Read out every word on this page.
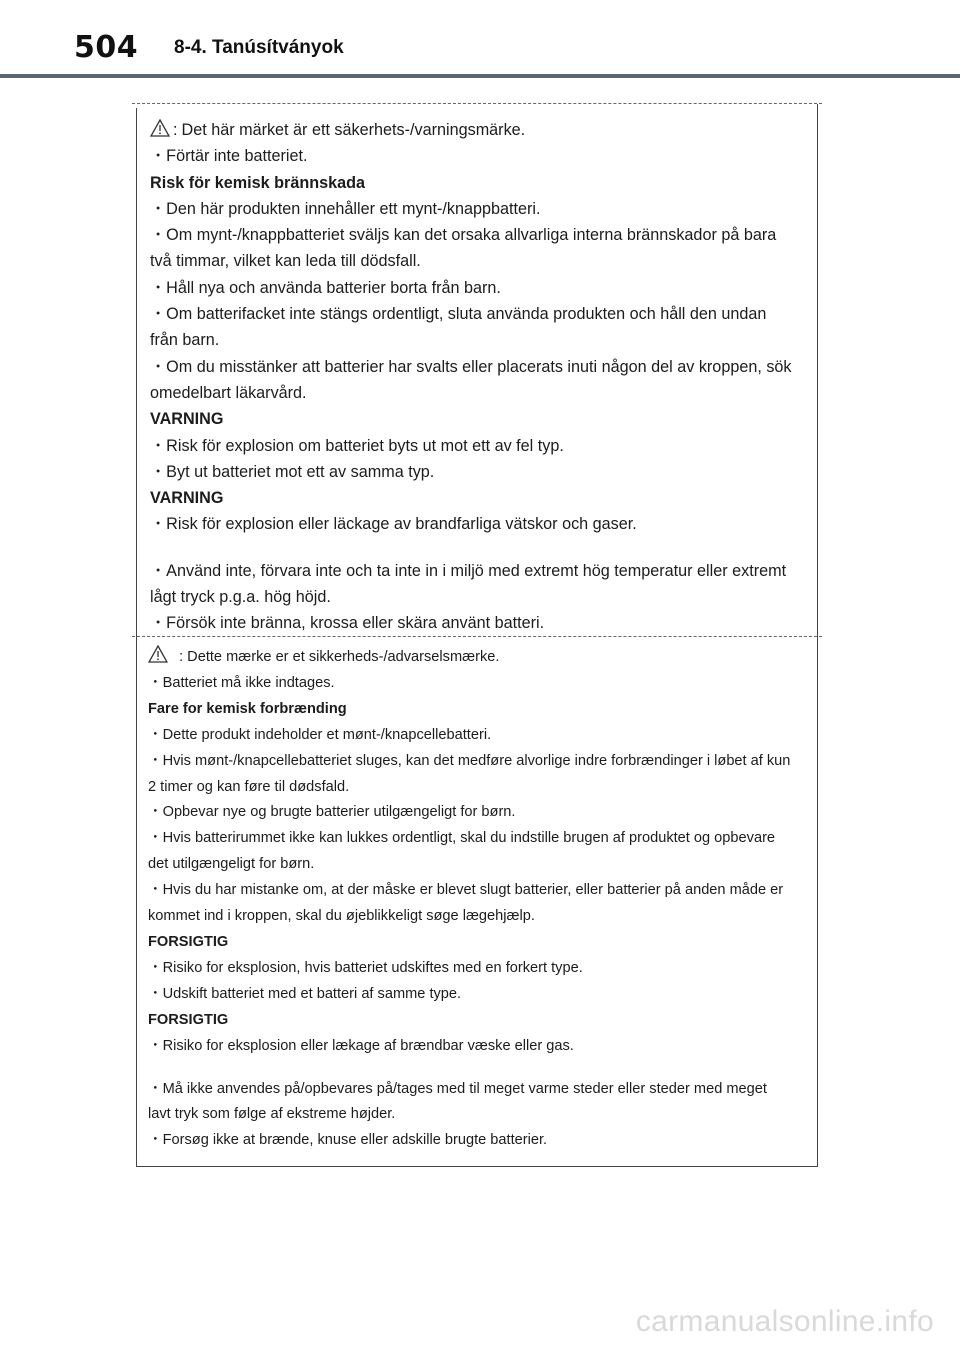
504 8-4. Tanúsítványok

: Det här märket är ett säkerhets-/varningsmärke.

・Förtär inte batteriet.

Risk för kemisk brännskada

・Den här produkten innehåller ett mynt-/knappbatteri.

・Om mynt-/knappbatteriet sväljs kan det orsaka allvarliga interna brännskador på bara två timmar, vilket kan leda till dödsfall.

・Håll nya och använda batterier borta från barn.

・Om batterifacket inte stängs ordentligt, sluta använda produkten och håll den undan från barn.

・Om du misstänker att batterier har svalts eller placerats inuti någon del av kroppen, sök omedelbart läkarvård.

VARNING

・Risk för explosion om batteriet byts ut mot ett av fel typ.

・Byt ut batteriet mot ett av samma typ.

VARNING

・Risk för explosion eller läckage av brandfarliga vätskor och gaser.

・Använd inte, förvara inte och ta inte in i miljö med extremt hög temperatur eller extremt lågt tryck p.g.a. hög höjd.

・Försök inte bränna, krossa eller skära använt batteri.

: Dette mærke er et sikkerheds-/advarselsmærke.

・Batteriet må ikke indtages.

Fare for kemisk forbrænding

・Dette produkt indeholder et mønt-/knapcellebatteri.

・Hvis mønt-/knapcellebatteriet sluges, kan det medføre alvorlige indre forbrændinger i løbet af kun 2 timer og kan føre til dødsfald.

・Opbevar nye og brugte batterier utilgængeligt for børn.

・Hvis batterirummet ikke kan lukkes ordentligt, skal du indstille brugen af produktet og opbevare det utilgængeligt for børn.

・Hvis du har mistanke om, at der måske er blevet slugt batterier, eller batterier på anden måde er kommet ind i kroppen, skal du øjeblikkeligt søge lægehjælp.

FORSIGTIG

・Risiko for eksplosion, hvis batteriet udskiftes med en forkert type.

・Udskift batteriet med et batteri af samme type.

FORSIGTIG

・Risiko for eksplosion eller lækage af brændbar væske eller gas.

・Må ikke anvendes på/opbevares på/tages med til meget varme steder eller steder med meget lavt tryk som følge af ekstreme højder.

・Forsøg ikke at brænde, knuse eller adskille brugte batterier.

carmanualsonline.info
